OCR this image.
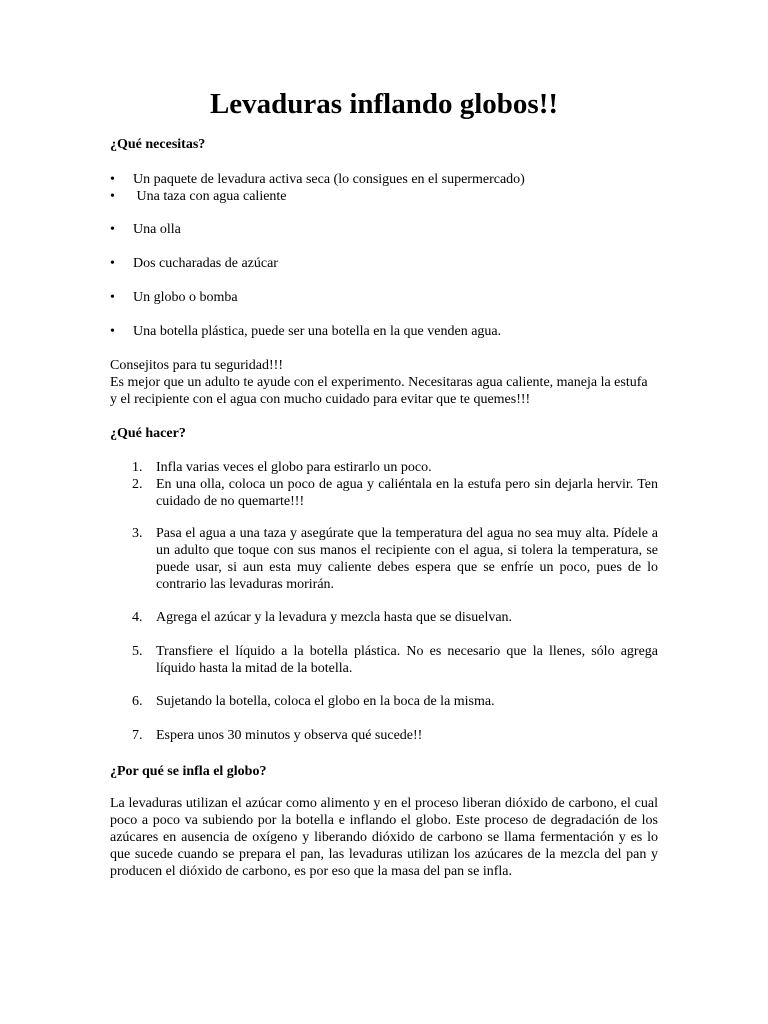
Levaduras inflando globos!!

¿Qué necesitas?

•	Un paquete de levadura activa seca (lo consigues en el supermercado)
•	Una taza con agua caliente
•	Una olla
•	Dos cucharadas de azúcar
•	Un globo o bomba
•	Una botella plástica, puede ser una botella en la que venden agua.

Consejitos para tu seguridad!!!

Es mejor que un adulto te ayude con el experimento. Necesitaras agua caliente, maneja la estufa y el recipiente con el agua con mucho cuidado para evitar que te quemes!!!

¿Qué hacer?

1. Infla varias veces el globo para estirarlo un poco.
2. En una olla, coloca un poco de agua y caliéntala en la estufa pero sin dejarla hervir. Ten cuidado de no quemarte!!!
3. Pasa el agua a una taza y asegúrate que la temperatura del agua no sea muy alta. Pídele a un adulto que toque con sus manos el recipiente con el agua, si tolera la temperatura, se puede usar, si aun esta muy caliente debes espera que se enfríe un poco, pues de lo contrario las levaduras morirán.
4. Agrega el azúcar y la levadura y mezcla hasta que se disuelvan.
5. Transfiere el líquido a la botella plástica. No es necesario que la llenes, sólo agrega líquido hasta la mitad de la botella.
6. Sujetando la botella, coloca el globo en la boca de la misma.
7. Espera unos 30 minutos y observa qué sucede!!

¿Por qué se infla el globo?

La levaduras utilizan el azúcar como alimento y en el proceso liberan dióxido de carbono, el cual poco a poco va subiendo por la botella e inflando el globo. Este proceso de degradación de los azúcares en ausencia de oxígeno y liberando dióxido de carbono se llama fermentación y es lo que sucede cuando se prepara el pan, las levaduras utilizan los azúcares de la mezcla del pan y producen el dióxido de carbono, es por eso que la masa del pan se infla.
